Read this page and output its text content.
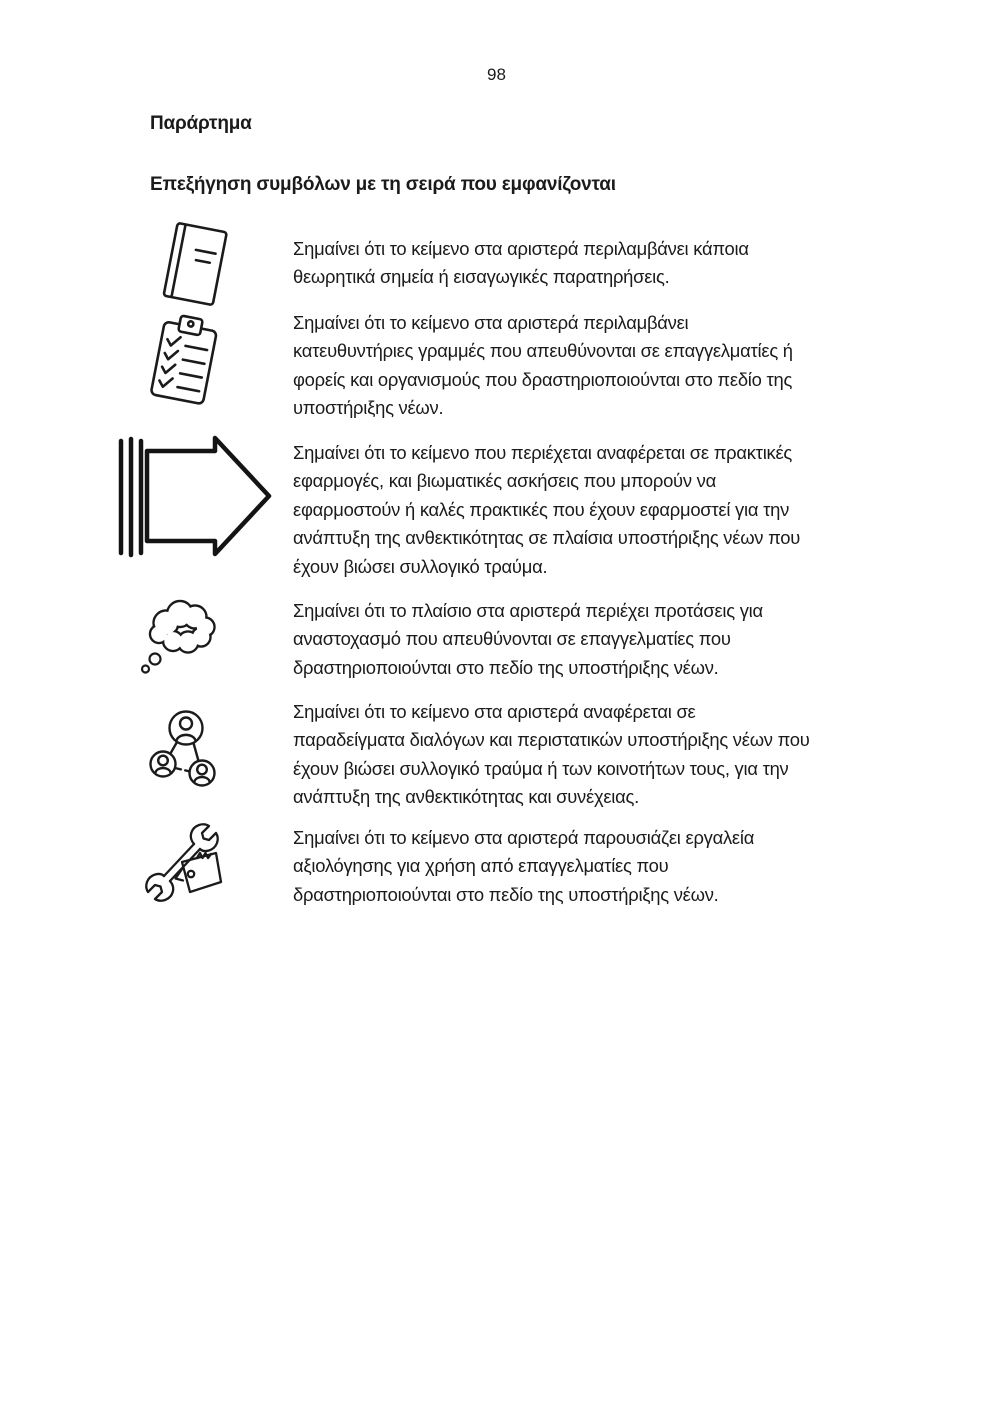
98
Παράρτημα
Επεξήγηση συμβόλων με τη σειρά που εμφανίζονται
Σημαίνει ότι το κείμενο στα αριστερά περιλαμβάνει κάποια
θεωρητικά σημεία ή εισαγωγικές παρατηρήσεις.
Σημαίνει ότι το κείμενο στα αριστερά περιλαμβάνει
κατευθυντήριες γραμμές που απευθύνονται σε επαγγελματίες ή
φορείς και οργανισμούς που δραστηριοποιούνται στο πεδίο της
υποστήριξης νέων.
Σημαίνει ότι το κείμενο που περιέχεται αναφέρεται σε πρακτικές
εφαρμογές, και βιωματικές ασκήσεις που μπορούν να
εφαρμοστούν ή καλές πρακτικές που έχουν εφαρμοστεί για την
ανάπτυξη της ανθεκτικότητας σε πλαίσια υποστήριξης νέων που
έχουν βιώσει συλλογικό τραύμα.
Σημαίνει ότι το πλαίσιο στα αριστερά περιέχει προτάσεις για
αναστοχασμό που απευθύνονται σε επαγγελματίες που
δραστηριοποιούνται στο πεδίο της υποστήριξης νέων.
Σημαίνει ότι το κείμενο στα αριστερά αναφέρεται σε
παραδείγματα διαλόγων και περιστατικών υποστήριξης νέων που
έχουν βιώσει συλλογικό τραύμα ή των κοινοτήτων τους, για την
ανάπτυξη της ανθεκτικότητας και συνέχειας.
Σημαίνει ότι το κείμενο στα αριστερά παρουσιάζει εργαλεία
αξιολόγησης για χρήση από επαγγελματίες που
δραστηριοποιούνται στο πεδίο της υποστήριξης νέων.
